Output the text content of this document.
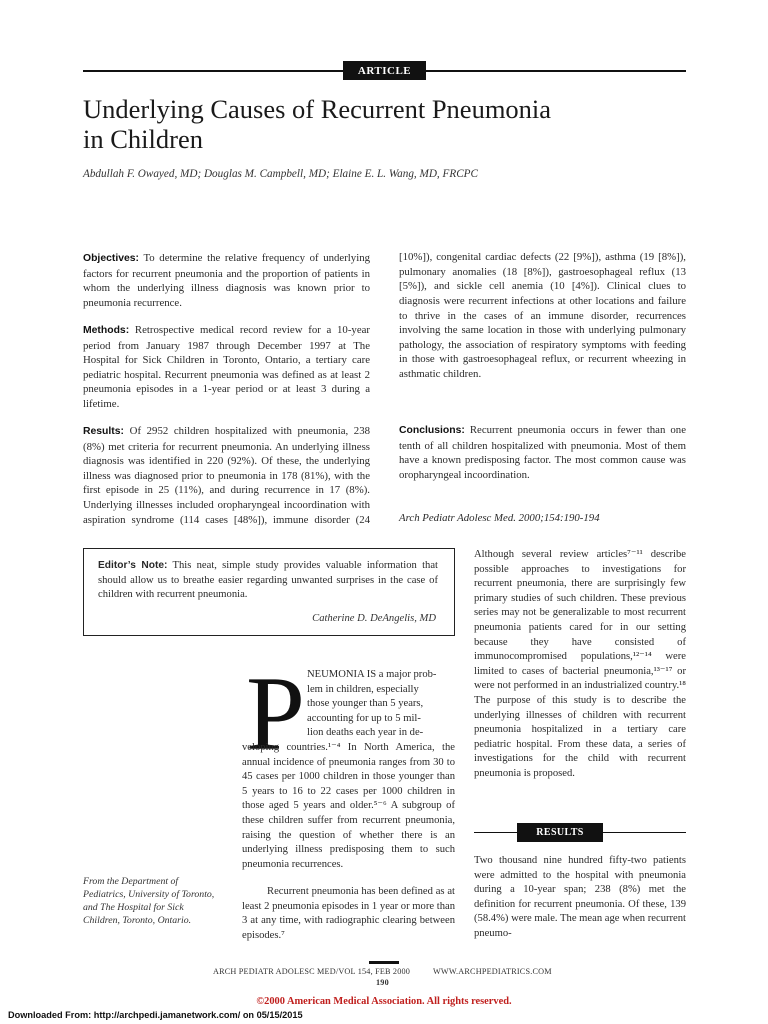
ARTICLE
Underlying Causes of Recurrent Pneumonia
in Children
Abdullah F. Owayed, MD; Douglas M. Campbell, MD; Elaine E. L. Wang, MD, FRCPC
Objectives: To determine the relative frequency of underlying factors for recurrent pneumonia and the proportion of patients in whom the underlying illness diagnosis was known prior to pneumonia recurrence.
Methods: Retrospective medical record review for a 10-year period from January 1987 through December 1997 at The Hospital for Sick Children in Toronto, Ontario, a tertiary care pediatric hospital. Recurrent pneumonia was defined as at least 2 pneumonia episodes in a 1-year period or at least 3 during a lifetime.
Results: Of 2952 children hospitalized with pneumonia, 238 (8%) met criteria for recurrent pneumonia. An underlying illness diagnosis was identified in 220 (92%). Of these, the underlying illness was diagnosed prior to pneumonia in 178 (81%), with the first episode in 25 (11%), and during recurrence in 17 (8%). Underlying illnesses included oropharyngeal incoordination with aspiration syndrome (114 cases [48%]), immune disorder (24
[10%]), congenital cardiac defects (22 [9%]), asthma (19 [8%]), pulmonary anomalies (18 [8%]), gastroesophageal reflux (13 [5%]), and sickle cell anemia (10 [4%]). Clinical clues to diagnosis were recurrent infections at other locations and failure to thrive in the cases of an immune disorder, recurrences involving the same location in those with underlying pulmonary pathology, the association of respiratory symptoms with feeding in those with gastroesophageal reflux, or recurrent wheezing in asthmatic children.
Conclusions: Recurrent pneumonia occurs in fewer than one tenth of all children hospitalized with pneumonia. Most of them have a known predisposing factor. The most common cause was oropharyngeal incoordination.
Arch Pediatr Adolesc Med. 2000;154:190-194
Editor’s Note: This neat, simple study provides valuable information that should allow us to breathe easier regarding unwanted surprises in the case of children with recurrent pneumonia.
Catherine D. DeAngelis, MD
P NEUMONIA IS a major prob-
lem in children, especially
those younger than 5 years,
accounting for up to 5 mil-
lion deaths each year in de-
veloping countries.¹⁻⁴ In North America, the annual incidence of pneumonia ranges from 30 to 45 cases per 1000 children in those younger than 5 years to 16 to 22 cases per 1000 children in those aged 5 years and older.⁵⁻⁶ A subgroup of these children suffer from recurrent pneumonia, raising the question of whether there is an underlying illness predisposing them to such pneumonia recurrences.
Recurrent pneumonia has been defined as at least 2 pneumonia episodes in 1 year or more than 3 at any time, with radiographic clearing between episodes.⁷
From the Department of Pediatrics, University of Toronto, and The Hospital for Sick Children, Toronto, Ontario.
Although several review articles⁷⁻¹¹ describe possible approaches to investigations for recurrent pneumonia, there are surprisingly few primary studies of such children. These previous series may not be generalizable to most recurrent pneumonia patients cared for in our setting because they have consisted of immunocompromised populations,¹²⁻¹⁴ were limited to cases of bacterial pneumonia,¹³⁻¹⁷ or were not performed in an industrialized country.¹⁸ The purpose of this study is to describe the underlying illnesses of children with recurrent pneumonia hospitalized in a tertiary care pediatric hospital. From these data, a series of investigations for the child with recurrent pneumonia is proposed.
RESULTS
Two thousand nine hundred fifty-two patients were admitted to the hospital with pneumonia during a 10-year span; 238 (8%) met the definition for recurrent pneumonia. Of these, 139 (58.4%) were male. The mean age when recurrent pneumo-
ARCH PEDIATR ADOLESC MED/VOL 154, FEB 2000	WWW.ARCHPEDIATRICS.COM
190
©2000 American Medical Association. All rights reserved.
Downloaded From: http://archpedi.jamanetwork.com/ on 05/15/2015
